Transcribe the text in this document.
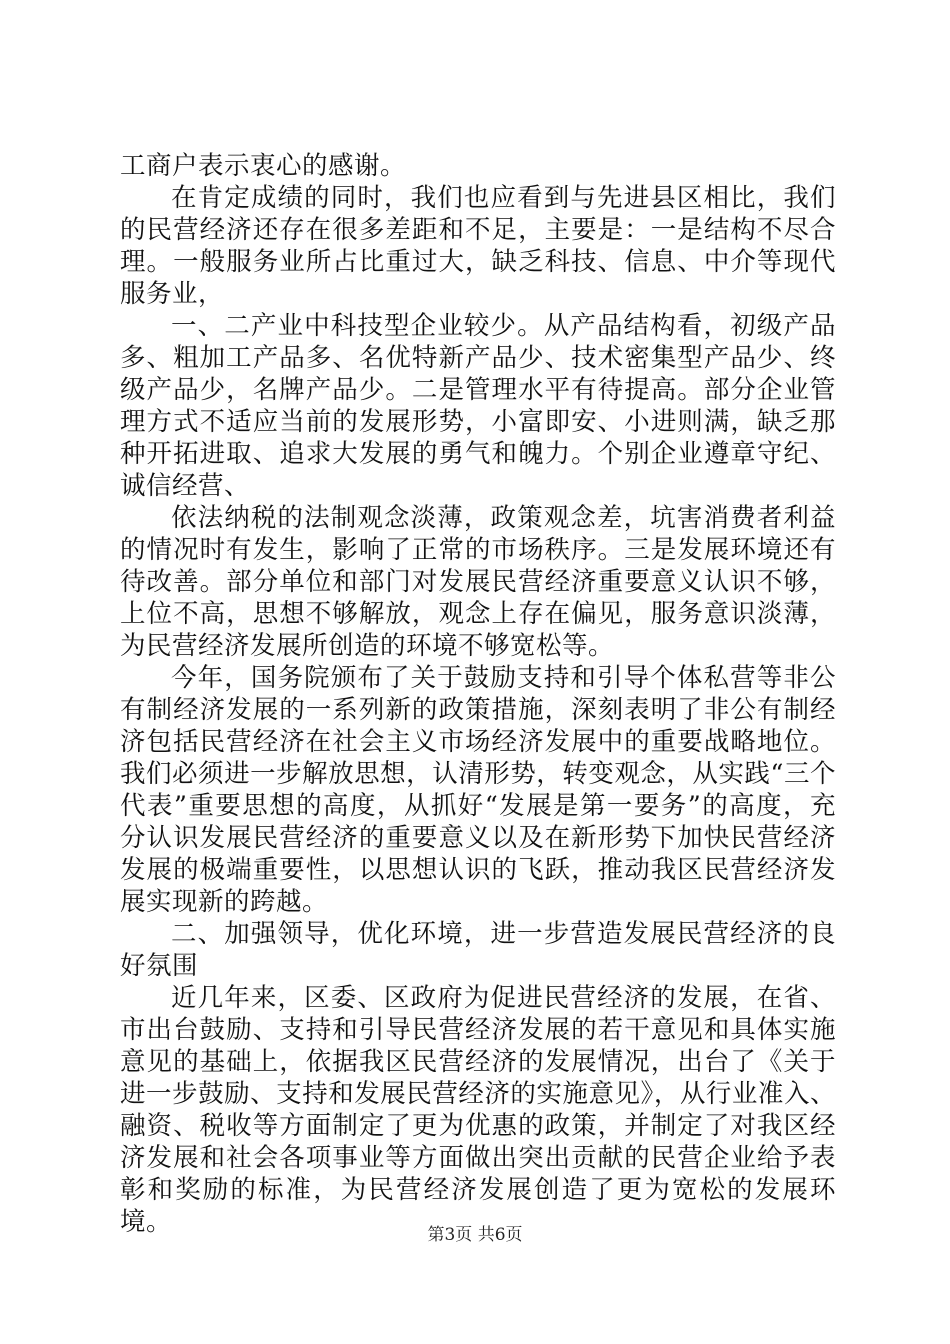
工商户表示衷心的感谢。

在肯定成绩的同时，我们也应看到与先进县区相比，我们的民营经济还存在很多差距和不足，主要是：一是结构不尽合理。一般服务业所占比重过大，缺乏科技、信息、中介等现代服务业，

一、二产业中科技型企业较少。从产品结构看，初级产品多、粗加工产品多、名优特新产品少、技术密集型产品少、终级产品少，名牌产品少。二是管理水平有待提高。部分企业管理方式不适应当前的发展形势，小富即安、小进则满，缺乏那种开拓进取、追求大发展的勇气和魄力。个别企业遵章守纪、诚信经营、

依法纳税的法制观念淡薄，政策观念差，坑害消费者利益的情况时有发生，影响了正常的市场秩序。三是发展环境还有待改善。部分单位和部门对发展民营经济重要意义认识不够，上位不高，思想不够解放，观念上存在偏见，服务意识淡薄，为民营经济发展所创造的环境不够宽松等。

今年，国务院颁布了关于鼓励支持和引导个体私营等非公有制经济发展的一系列新的政策措施，深刻表明了非公有制经济包括民营经济在社会主义市场经济发展中的重要战略地位。我们必须进一步解放思想，认清形势，转变观念，从实践“三个代表”重要思想的高度，从抓好“发展是第一要务”的高度，充分认识发展民营经济的重要意义以及在新形势下加快民营经济发展的极端重要性，以思想认识的飞跃，推动我区民营经济发展实现新的跨越。

二、加强领导，优化环境，进一步营造发展民营经济的良好氛围

近几年来，区委、区政府为促进民营经济的发展，在省、市出台鼓励、支持和引导民营经济发展的若干意见和具体实施意见的基础上，依据我区民营经济的发展情况，出台了《关于进一步鼓励、支持和发展民营经济的实施意见》，从行业准入、融资、税收等方面制定了更为优惠的政策，并制定了对我区经济发展和社会各项事业等方面做出突出贡献的民营企业给予表彰和奖励的标准，为民营经济发展创造了更为宽松的发展环境。	第3页 共6页
